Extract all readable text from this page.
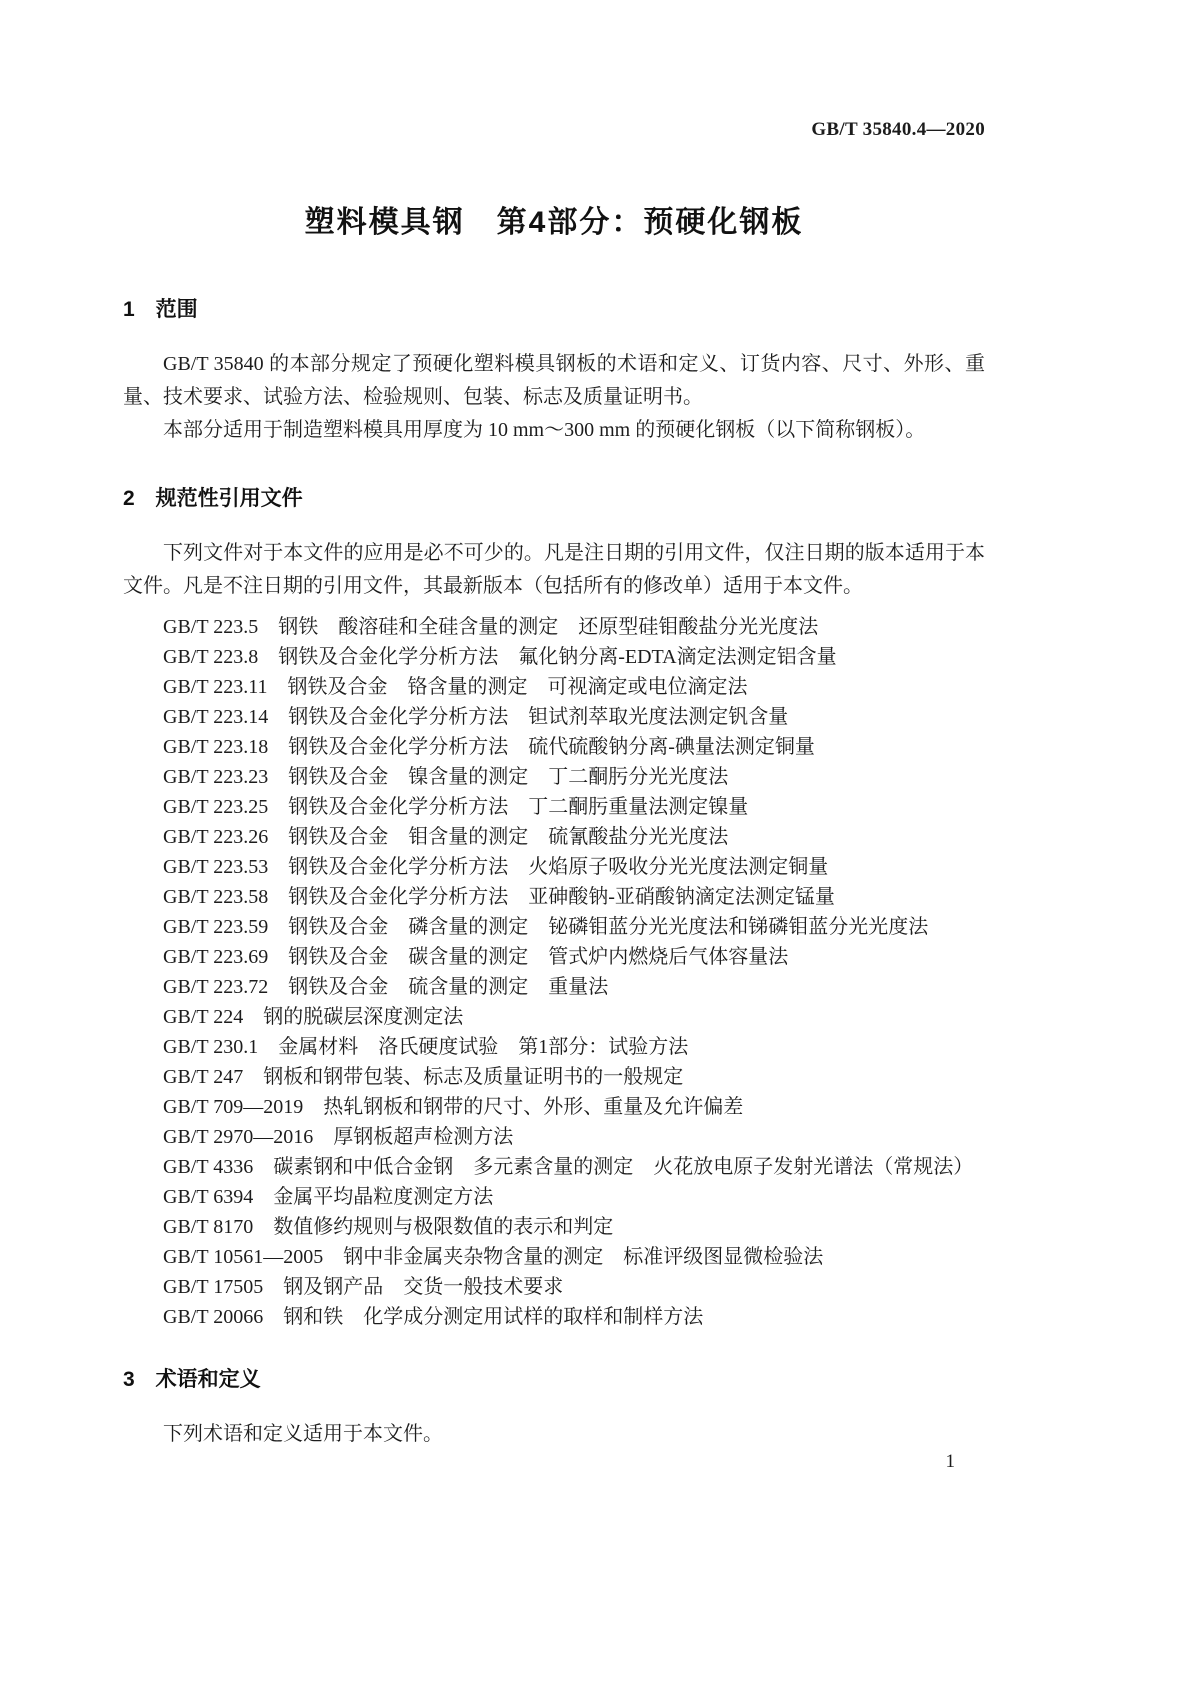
GB/T 35840.4—2020
塑料模具钢　第4部分：预硬化钢板
1　范围

GB/T 35840 的本部分规定了预硬化塑料模具钢板的术语和定义、订货内容、尺寸、外形、重量、技术要求、试验方法、检验规则、包装、标志及质量证明书。

本部分适用于制造塑料模具用厚度为 10 mm～300 mm 的预硬化钢板（以下简称钢板）。

2　规范性引用文件

下列文件对于本文件的应用是必不可少的。凡是注日期的引用文件，仅注日期的版本适用于本文件。凡是不注日期的引用文件，其最新版本（包括所有的修改单）适用于本文件。

GB/T 223.5　钢铁　酸溶硅和全硅含量的测定　还原型硅钼酸盐分光光度法

GB/T 223.8　钢铁及合金化学分析方法　氟化钠分离-EDTA滴定法测定铝含量

GB/T 223.11　钢铁及合金　铬含量的测定　可视滴定或电位滴定法

GB/T 223.14　钢铁及合金化学分析方法　钽试剂萃取光度法测定钒含量

GB/T 223.18　钢铁及合金化学分析方法　硫代硫酸钠分离-碘量法测定铜量

GB/T 223.23　钢铁及合金　镍含量的测定　丁二酮肟分光光度法

GB/T 223.25　钢铁及合金化学分析方法　丁二酮肟重量法测定镍量

GB/T 223.26　钢铁及合金　钼含量的测定　硫氰酸盐分光光度法

GB/T 223.53　钢铁及合金化学分析方法　火焰原子吸收分光光度法测定铜量

GB/T 223.58　钢铁及合金化学分析方法　亚砷酸钠-亚硝酸钠滴定法测定锰量

GB/T 223.59　钢铁及合金　磷含量的测定　铋磷钼蓝分光光度法和锑磷钼蓝分光光度法

GB/T 223.69　钢铁及合金　碳含量的测定　管式炉内燃烧后气体容量法

GB/T 223.72　钢铁及合金　硫含量的测定　重量法

GB/T 224　钢的脱碳层深度测定法

GB/T 230.1　金属材料　洛氏硬度试验　第1部分：试验方法

GB/T 247　钢板和钢带包装、标志及质量证明书的一般规定

GB/T 709—2019　热轧钢板和钢带的尺寸、外形、重量及允许偏差

GB/T 2970—2016　厚钢板超声检测方法

GB/T 4336　碳素钢和中低合金钢　多元素含量的测定　火花放电原子发射光谱法（常规法）

GB/T 6394　金属平均晶粒度测定方法

GB/T 8170　数值修约规则与极限数值的表示和判定

GB/T 10561—2005　钢中非金属夹杂物含量的测定　标准评级图显微检验法

GB/T 17505　钢及钢产品　交货一般技术要求

GB/T 20066　钢和铁　化学成分测定用试样的取样和制样方法

3　术语和定义

下列术语和定义适用于本文件。

1
